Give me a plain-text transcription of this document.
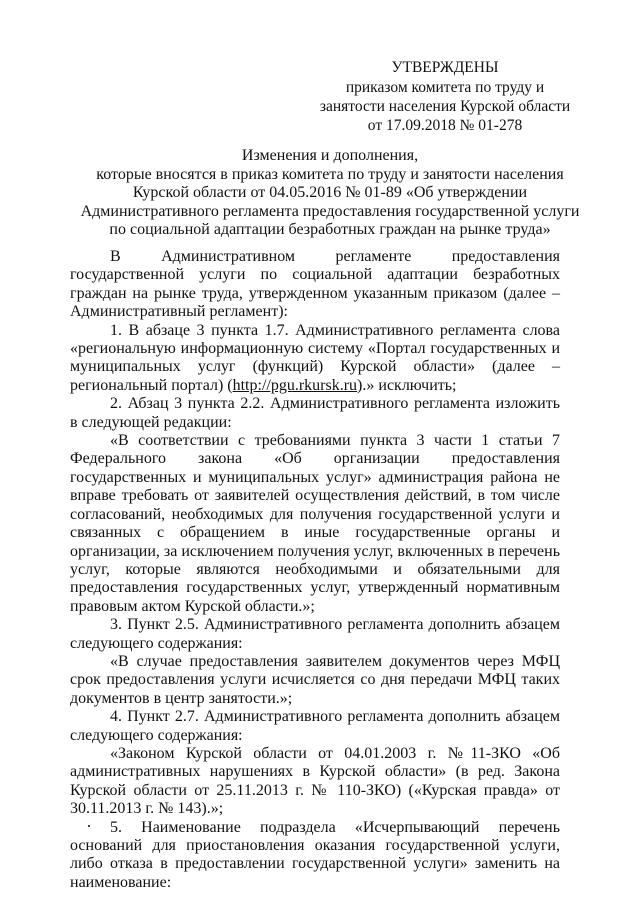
УТВЕРЖДЕНЫ
приказом комитета по труду и
занятости населения Курской области
от 17.09.2018 № 01-278
Изменения и дополнения,
которые вносятся в приказ комитета по труду и занятости населения
Курской области от 04.05.2016 № 01-89 «Об утверждении
Административного регламента предоставления государственной услуги
по социальной адаптации безработных граждан на рынке труда»

В Административном регламенте предоставления государственной услуги по социальной адаптации безработных граждан на рынке труда, утвержденном указанным приказом (далее – Административный регламент):

1. В абзаце 3 пункта 1.7. Административного регламента слова «региональную информационную систему «Портал государственных и муниципальных услуг (функций) Курской области» (далее – региональный портал) (http://pgu.rkursk.ru).» исключить;

2. Абзац 3 пункта 2.2. Административного регламента изложить в следующей редакции:

«В соответствии с требованиями пункта 3 части 1 статьи 7 Федерального закона «Об организации предоставления государственных и муниципальных услуг» администрация района не вправе требовать от заявителей осуществления действий, в том числе согласований, необходимых для получения государственной услуги и связанных с обращением в иные государственные органы и организации, за исключением получения услуг, включенных в перечень услуг, которые являются необходимыми и обязательными для предоставления государственных услуг, утвержденный нормативным правовым актом Курской области.»;

3. Пункт 2.5. Административного регламента дополнить абзацем следующего содержания:

«В случае предоставления заявителем документов через МФЦ срок предоставления услуги исчисляется со дня передачи МФЦ таких документов в центр занятости.»;

4. Пункт 2.7. Административного регламента дополнить абзацем следующего содержания:

«Законом Курской области от 04.01.2003 г. №11-ЗКО «Об административных нарушениях в Курской области» (в ред. Закона Курской области от 25.11.2013 г. № 110-ЗКО) («Курская правда» от 30.11.2013 г. № 143).»;

5. Наименование подраздела «Исчерпывающий перечень оснований для приостановления оказания государственной услуги, либо отказа в предоставлении государственной услуги» заменить на наименование:
